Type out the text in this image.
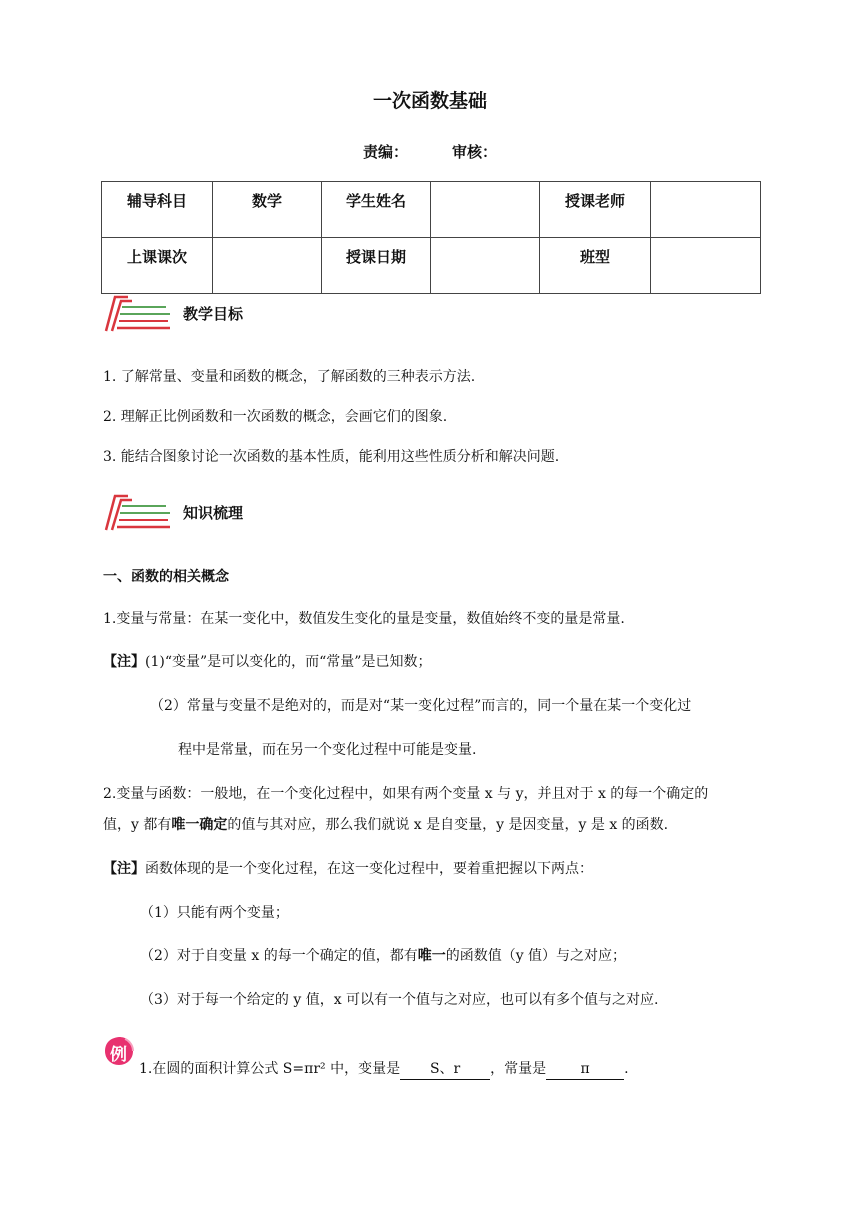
一次函数基础
责编：	审核：
辅导科目	数学	学生姓名		授课老师	
上课课次		授课日期		班型	
教学目标
1. 了解常量、变量和函数的概念，了解函数的三种表示方法.
2. 理解正比例函数和一次函数的概念，会画它们的图象.
3. 能结合图象讨论一次函数的基本性质，能利用这些性质分析和解决问题.
知识梳理
一、函数的相关概念
1.变量与常量：在某一变化中，数值发生变化的量是变量，数值始终不变的量是常量.
【注】(1)“变量”是可以变化的，而“常量”是已知数；
（2）常量与变量不是绝对的，而是对“某一变化过程”而言的，同一个量在某一个变化过
程中是常量，而在另一个变化过程中可能是变量.
2.变量与函数：一般地，在一个变化过程中，如果有两个变量 x 与 y，并且对于 x 的每一个确定的
值，y 都有唯一确定的值与其对应，那么我们就说 x 是自变量，y 是因变量，y 是 x 的函数.
【注】函数体现的是一个变化过程，在这一变化过程中，要着重把握以下两点：
（1）只能有两个变量；
（2）对于自变量 x 的每一个确定的值，都有唯一的函数值（y 值）与之对应；
（3）对于每一个给定的 y 值，x 可以有一个值与之对应，也可以有多个值与之对应.
例
1.在圆的面积计算公式 S=πr² 中，变量是 S、r ，常量是 π .
